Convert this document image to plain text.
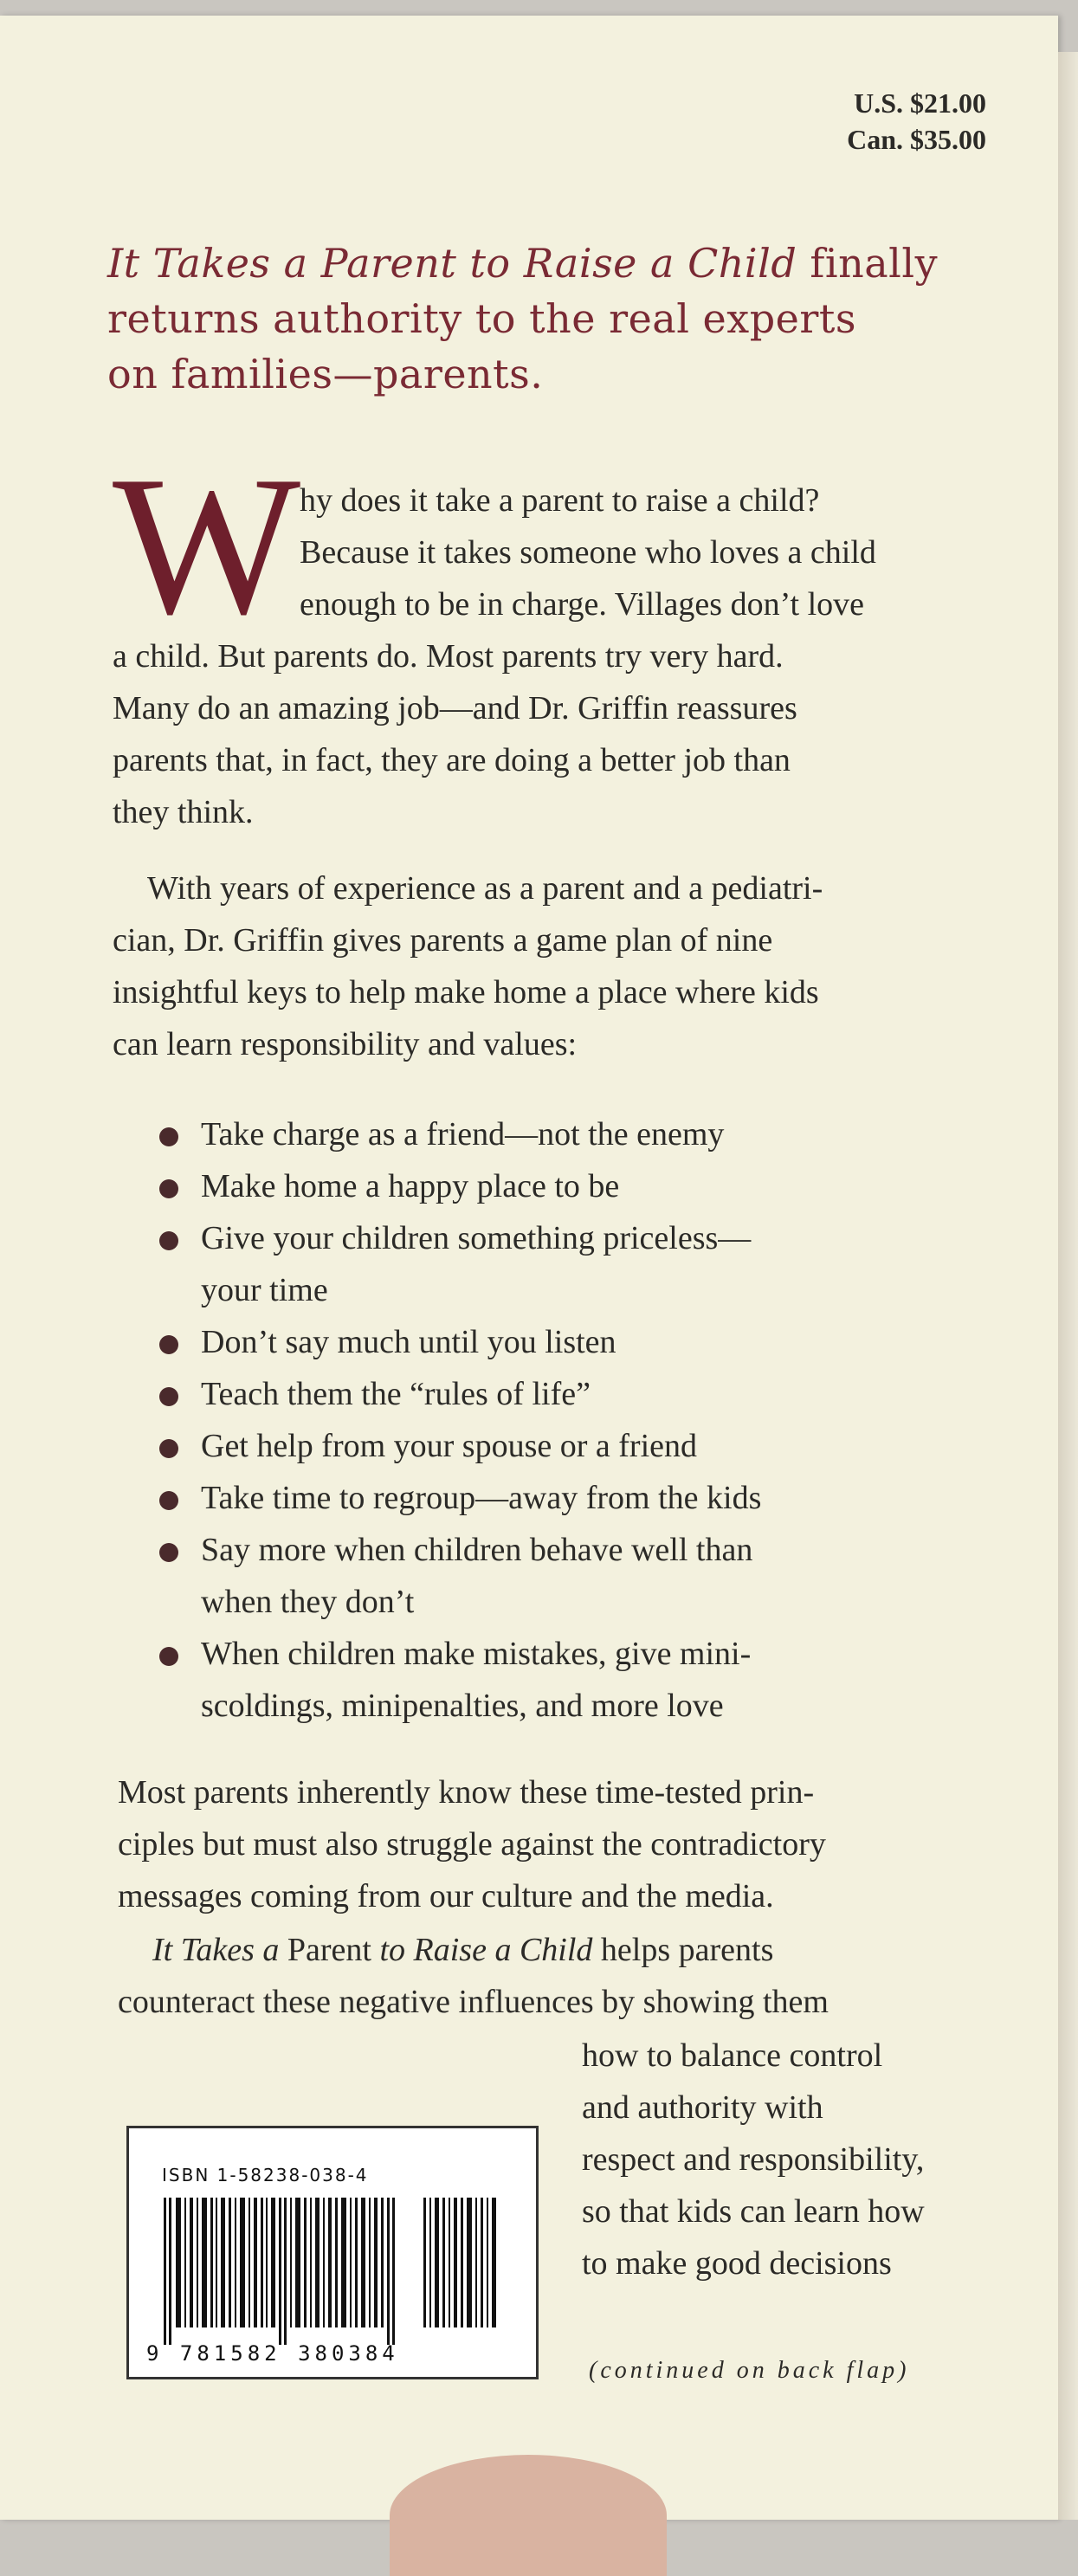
U.S. $21.00
Can. $35.00
It Takes a Parent to Raise a Child finally
returns authority to the real experts
on families—parents.
W
hy does it take a parent to raise a child?
Because it takes someone who loves a child
enough to be in charge. Villages don’t love
a child. But parents do. Most parents try very hard.
Many do an amazing job—and Dr. Griffin reassures
parents that, in fact, they are doing a better job than
they think.
With years of experience as a parent and a pediatri-
cian, Dr. Griffin gives parents a game plan of nine
insightful keys to help make home a place where kids
can learn responsibility and values:
Take charge as a friend—not the enemy
Make home a happy place to be
Give your children something priceless—
your time
Don’t say much until you listen
Teach them the “rules of life”
Get help from your spouse or a friend
Take time to regroup—away from the kids
Say more when children behave well than
when they don’t
When children make mistakes, give mini-
scoldings, minipenalties, and more love
Most parents inherently know these time-tested prin-
ciples but must also struggle against the contradictory
messages coming from our culture and the media.
It Takes a Parent to Raise a Child helps parents
counteract these negative influences by showing them
how to balance control
and authority with
respect and responsibility,
so that kids can learn how
to make good decisions
ISBN 1-58238-038-4
9 781582 380384
(continued on back flap)
